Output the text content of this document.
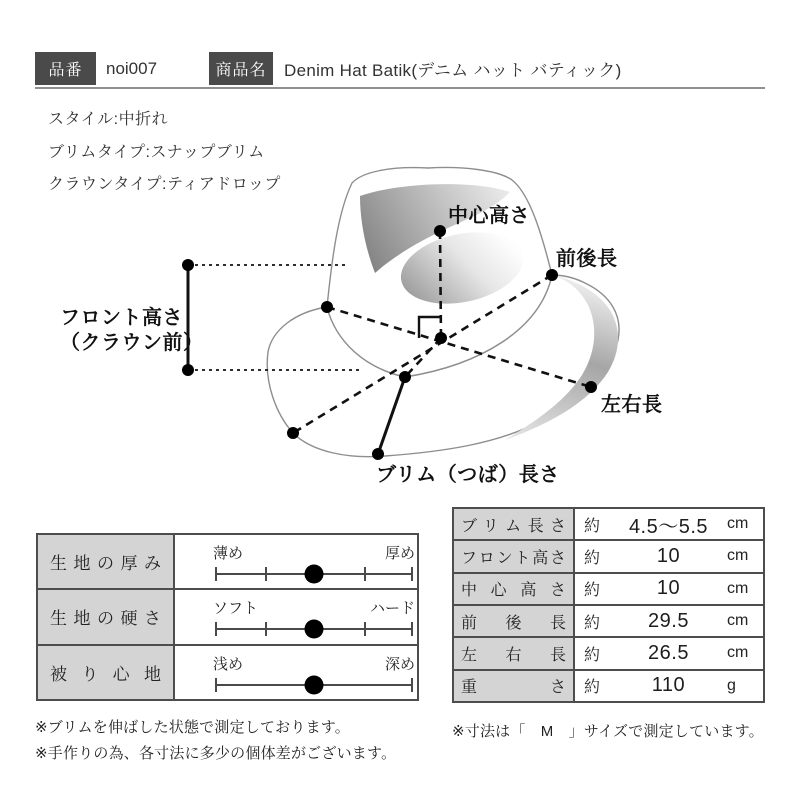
品番 noi007	商品名 Denim Hat Batik(デニム ハット バティック)
スタイル:中折れ
ブリムタイプ:スナップブリム
クラウンタイプ:ティアドロップ
中心高さ
前後長
左右長
ブリム（つば）長さ
フロント高さ
（クラウン前）
生地の厚み
薄め	厚め
生地の硬さ
ソフト	ハード
被り心地
浅め	深め
ブリム長さ	約	4.5〜5.5	cm
フロント高さ	約	10	cm
中心高さ	約	10	cm
前後長	約	29.5	cm
左右長	約	26.5	cm
重さ	約	110	g
※ブリムを伸ばした状態で測定しております。
※手作りの為、各寸法に多少の個体差がございます。
※寸法は「　M　」サイズで測定しています。
